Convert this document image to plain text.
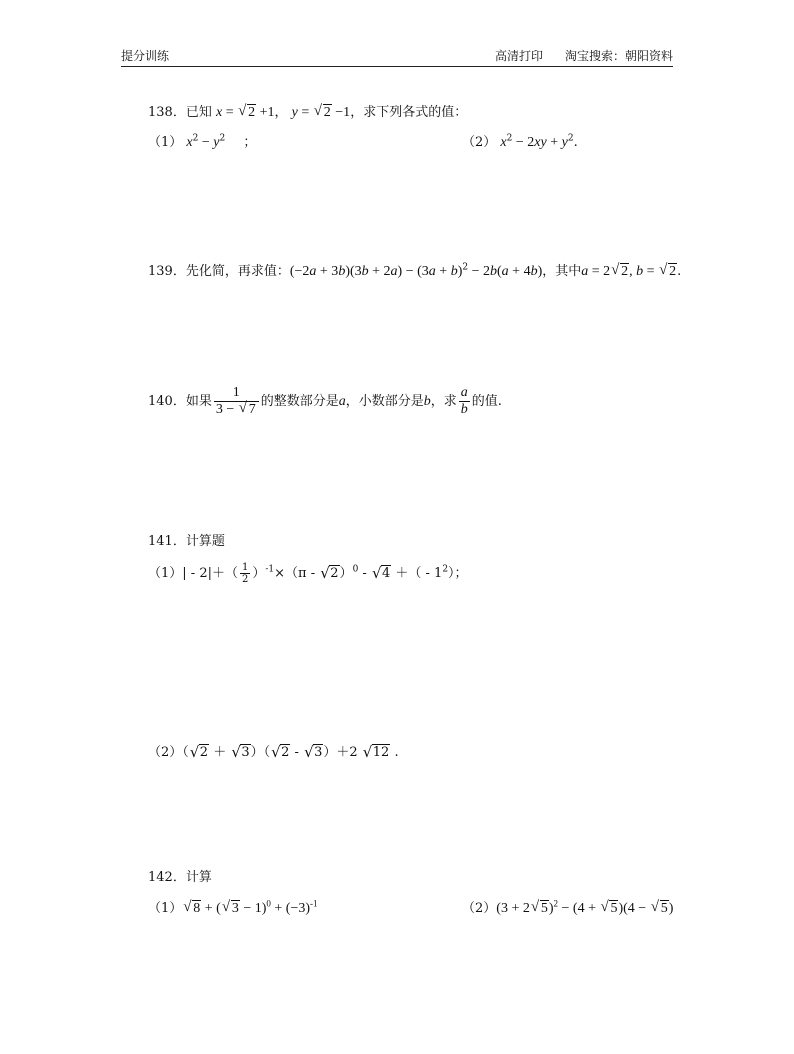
提分训练	高清打印 淘宝搜索：朝阳资料
138．已知 x = √ 2 +1， y = √ 2 −1，求下列各式的值：
（1） $x^2 - y^2$ ；	（2） $x^2 - 2xy + y^2$.
139．先化简，再求值：$(-2a + 3b)(3b + 2a) - (3a + b)^2 - 2b(a + 4b)$，其中a = 2 √ 2, b = √ 2.
140．如果 $\frac{1}{3 - √ 7}$ 的整数部分是a，小数部分是b，求 $\frac{a}{b}$ 的值.
141．计算题
$(1)| - 2|+( \frac{1}{2} )^{-1}\times(\pi$ - √ 2）$^0$ - √ 4 ＋（ - $1^2$）；
（2）（ √ 2 ＋ √ 3）（ √ 2 - √ 3）＋2 √ 12 .
142．计算
（1） √ 8 + ( √ $3 - 1)^0 + (-3)^{-1}$	（2）(3 + 2 √ 5)$^2$ − (4 + √ 5)(4 − √ 5)
